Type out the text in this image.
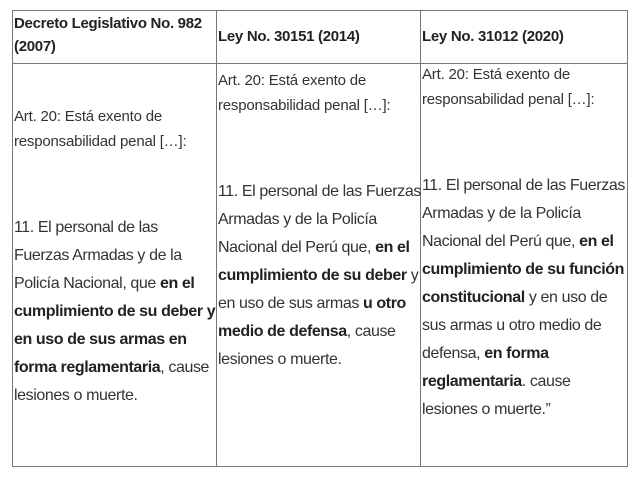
Decreto Legislativo No. 982 (2007)
Ley No. 30151 (2014)	Ley No. 31012 (2020)
Art. 20: Está exento de
responsabilidad penal […]:
11. El personal de las Fuerzas Armadas y de la Policía Nacional, que en el cumplimiento de su deber y en uso de sus armas en forma reglamentaria, cause lesiones o muerte.
Art. 20: Está exento de
responsabilidad penal […]:
11. El personal de las Fuerzas Armadas y de la Policía Nacional del Perú que, en el cumplimiento de su deber y en uso de sus armas u otro medio de defensa, cause lesiones o muerte.
Art. 20: Está exento de
responsabilidad penal […]:
11. El personal de las Fuerzas Armadas y de la Policía Nacional del Perú que, en el cumplimiento de su función constitucional y en uso de sus armas u otro medio de defensa, en forma reglamentaria. cause lesiones o muerte.”
